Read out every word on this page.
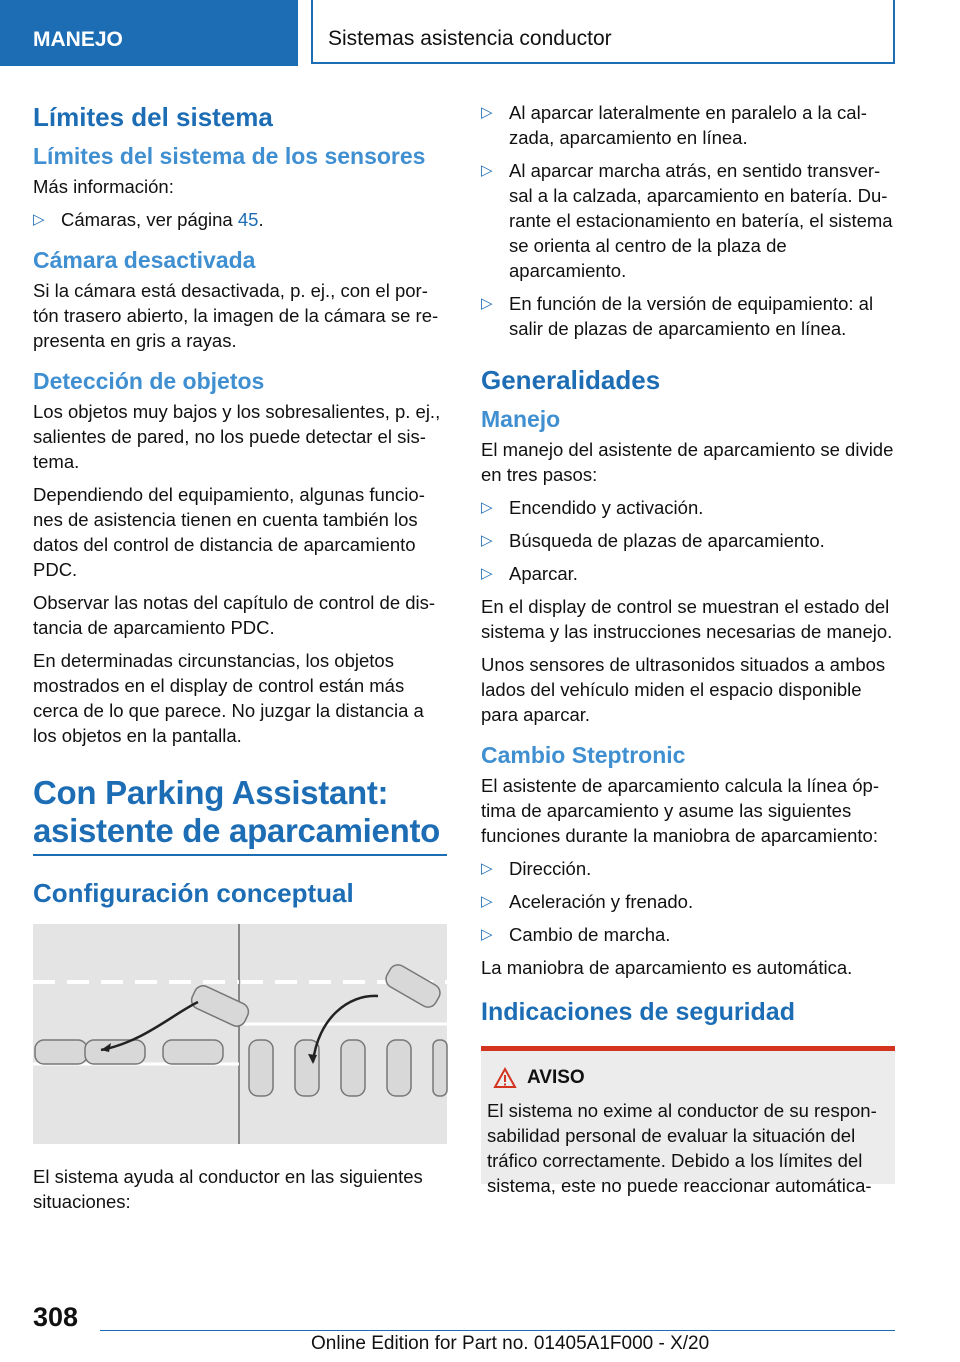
MANEJO	Sistemas asistencia conductor
Límites del sistema
Límites del sistema de los sensores

Más información:

▷ Cámaras, ver página 45.
Cámara desactivada

Si la cámara está desactivada, p. ej., con el portón trasero abierto, la imagen de la cámara se representa en gris a rayas.

Detección de objetos

Los objetos muy bajos y los sobresalientes, p. ej., salientes de pared, no los puede detectar el sistema.

Dependiendo del equipamiento, algunas funciones de asistencia tienen en cuenta también los datos del control de distancia de aparcamiento PDC.

Observar las notas del capítulo de control de distancia de aparcamiento PDC.

En determinadas circunstancias, los objetos mostrados en el display de control están más cerca de lo que parece. No juzgar la distancia a los objetos en la pantalla.

Con Parking Assistant: asistente de aparcamiento
Configuración conceptual

El sistema ayuda al conductor en las siguientes situaciones:

▷ Al aparcar lateralmente en paralelo a la calzada, aparcamiento en línea.
▷ Al aparcar marcha atrás, en sentido transversal a la calzada, aparcamiento en batería. Durante el estacionamiento en batería, el sistema se orienta al centro de la plaza de aparcamiento.
▷ En función de la versión de equipamiento: al salir de plazas de aparcamiento en línea.
Generalidades
Manejo

El manejo del asistente de aparcamiento se divide en tres pasos:

▷ Encendido y activación.
▷ Búsqueda de plazas de aparcamiento.
▷ Aparcar.

En el display de control se muestran el estado del sistema y las instrucciones necesarias de manejo.

Unos sensores de ultrasonidos situados a ambos lados del vehículo miden el espacio disponible para aparcar.

Cambio Steptronic

El asistente de aparcamiento calcula la línea óptima de aparcamiento y asume las siguientes funciones durante la maniobra de aparcamiento:

▷ Dirección.
▷ Aceleración y frenado.
▷ Cambio de marcha.

La maniobra de aparcamiento es automática.

Indicaciones de seguridad
AVISO
El sistema no exime al conductor de su responsabilidad personal de evaluar la situación del tráfico correctamente. Debido a los límites del sistema, este no puede reaccionar automática-
308
Online Edition for Part no. 01405A1F000 - X/20
